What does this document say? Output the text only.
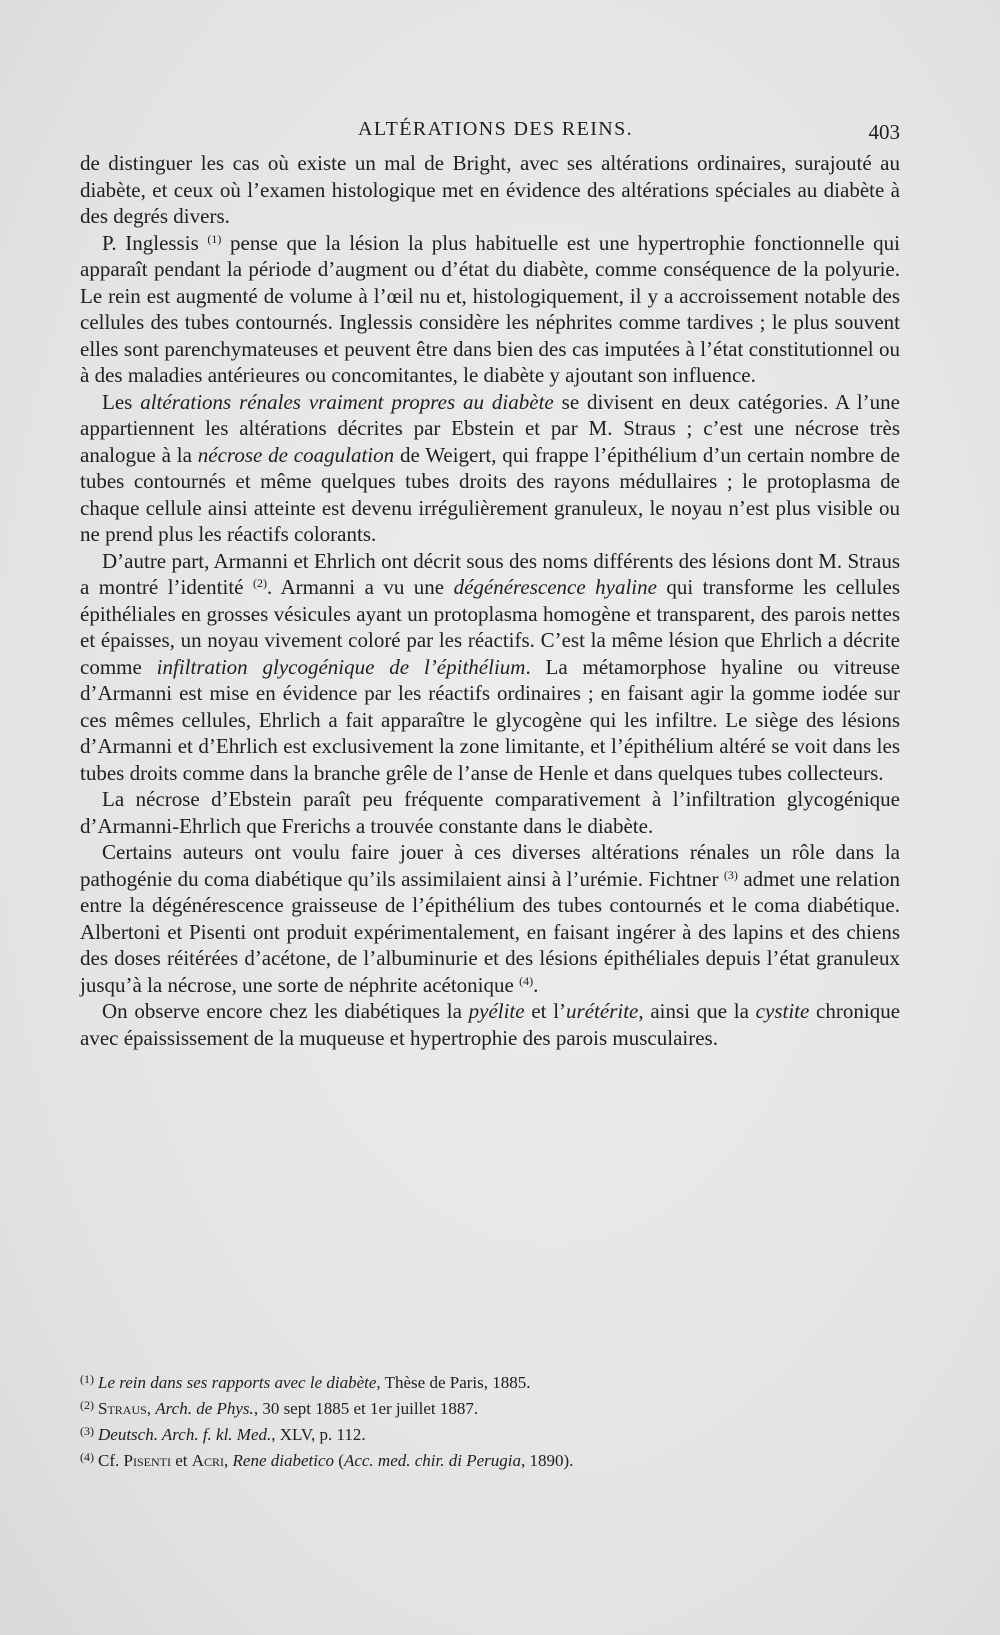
ALTÉRATIONS DES REINS.	403

de distinguer les cas où existe un mal de Bright, avec ses altérations ordinaires, surajouté au diabète, et ceux où l’examen histologique met en évidence des altérations spéciales au diabète à des degrés divers.

P. Inglessis $^{(1)}$ pense que la lésion la plus habituelle est une hypertrophie fonctionnelle qui apparaît pendant la période d’augment ou d’état du diabète, comme conséquence de la polyurie. Le rein est augmenté de volume à l’œil nu et, histologiquement, il y a accroissement notable des cellules des tubes contournés. Inglessis considère les néphrites comme tardives ; le plus souvent elles sont parenchymateuses et peuvent être dans bien des cas imputées à l’état constitutionnel ou à des maladies antérieures ou concomitantes, le diabète y ajoutant son influence.

Les altérations rénales vraiment propres au diabète se divisent en deux catégories. A l’une appartiennent les altérations décrites par Ebstein et par M. Straus ; c’est une nécrose très analogue à la nécrose de coagulation de Weigert, qui frappe l’épithélium d’un certain nombre de tubes contournés et même quelques tubes droits des rayons médullaires ; le protoplasma de chaque cellule ainsi atteinte est devenu irrégulièrement granuleux, le noyau n’est plus visible ou ne prend plus les réactifs colorants.

D’autre part, Armanni et Ehrlich ont décrit sous des noms différents des lésions dont M. Straus a montré l’identité $^{(2)}$. Armanni a vu une dégénérescence hyaline qui transforme les cellules épithéliales en grosses vésicules ayant un protoplasma homogène et transparent, des parois nettes et épaisses, un noyau vivement coloré par les réactifs. C’est la même lésion que Ehrlich a décrite comme infiltration glycogénique de l’épithélium. La métamorphose hyaline ou vitreuse d’Armanni est mise en évidence par les réactifs ordinaires ; en faisant agir la gomme iodée sur ces mêmes cellules, Ehrlich a fait apparaître le glycogène qui les infiltre. Le siège des lésions d’Armanni et d’Ehrlich est exclusivement la zone limitante, et l’épithélium altéré se voit dans les tubes droits comme dans la branche grêle de l’anse de Henle et dans quelques tubes collecteurs.

La nécrose d’Ebstein paraît peu fréquente comparativement à l’infiltration glycogénique d’Armanni-Ehrlich que Frerichs a trouvée constante dans le diabète.

Certains auteurs ont voulu faire jouer à ces diverses altérations rénales un rôle dans la pathogénie du coma diabétique qu’ils assimilaient ainsi à l’urémie. Fichtner $^{(3)}$ admet une relation entre la dégénérescence graisseuse de l’épithélium des tubes contournés et le coma diabétique. Albertoni et Pisenti ont produit expérimentalement, en faisant ingérer à des lapins et des chiens des doses réitérées d’acétone, de l’albuminurie et des lésions épithéliales depuis l’état granuleux jusqu’à la nécrose, une sorte de néphrite acétonique $^{(4)}$.

On observe encore chez les diabétiques la pyélite et l’urétérite, ainsi que la cystite chronique avec épaississement de la muqueuse et hypertrophie des parois musculaires.

$^{(1)}$ Le rein dans ses rapports avec le diabète, Thèse de Paris, 1885.

$^{(2)}$ Straus, Arch. de Phys., 30 sept 1885 et 1er juillet 1887.

$^{(3)}$ Deutsch. Arch. f. kl. Med., XLV, p. 112.

$^{(4)}$ Cf. Pisenti et Acri, Rene diabetico (Acc. med. chir. di Perugia, 1890).
